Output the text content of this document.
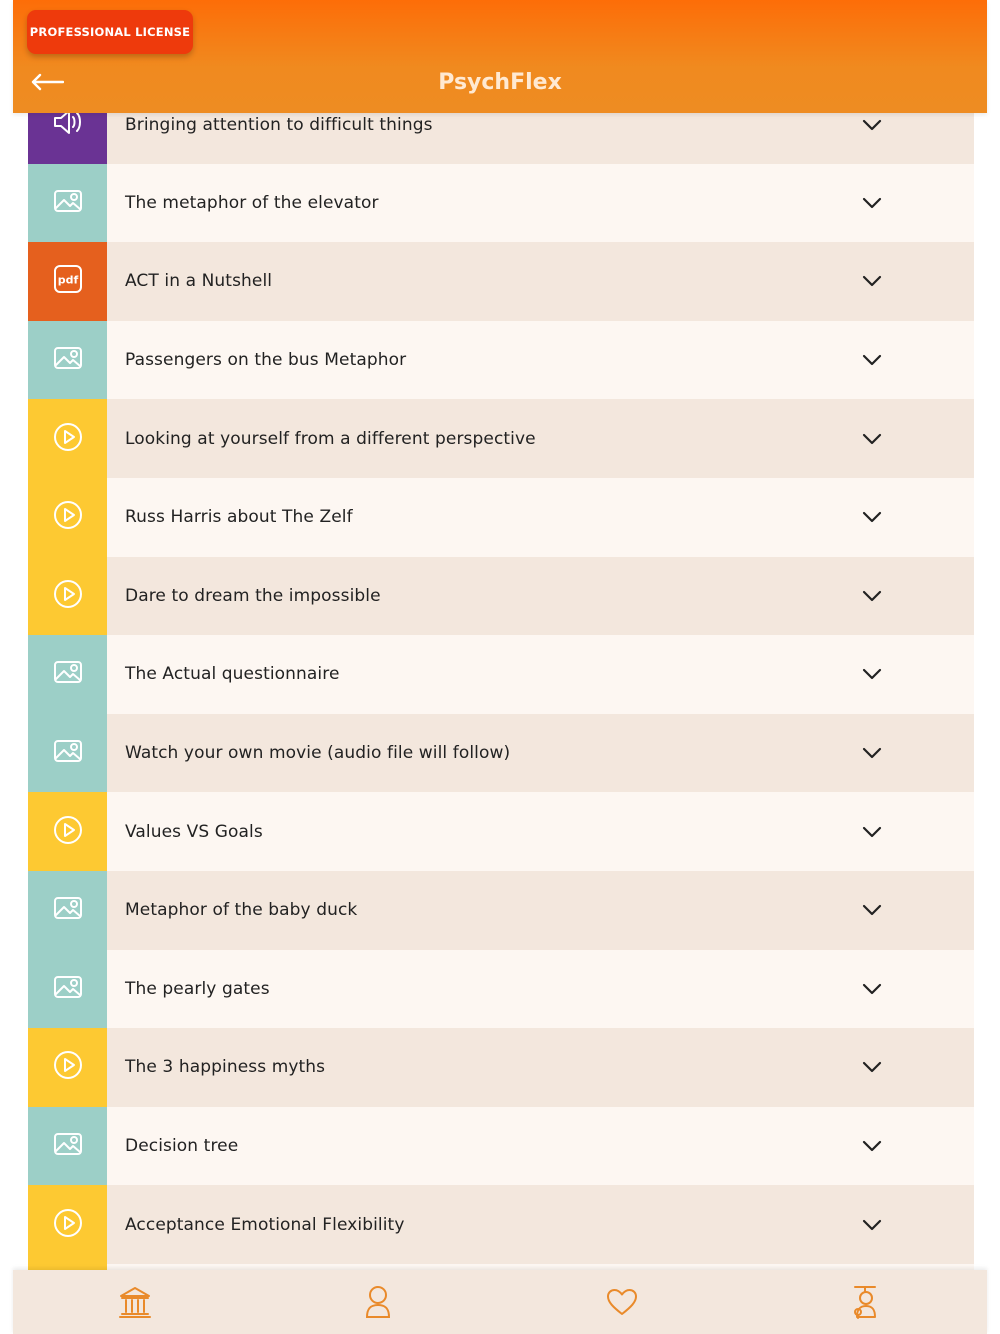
PROFESSIONAL LICENSE
PsychFlex
Bringing attention to difficult things
The metaphor of the elevator
pdf	ACT in a Nutshell
Passengers on the bus Metaphor
Looking at yourself from a different perspective
Russ Harris about The Zelf
Dare to dream the impossible
The Actual questionnaire
Watch your own movie (audio file will follow)
Values VS Goals
Metaphor of the baby duck
The pearly gates
The 3 happiness myths
Decision tree
Acceptance Emotional Flexibility
